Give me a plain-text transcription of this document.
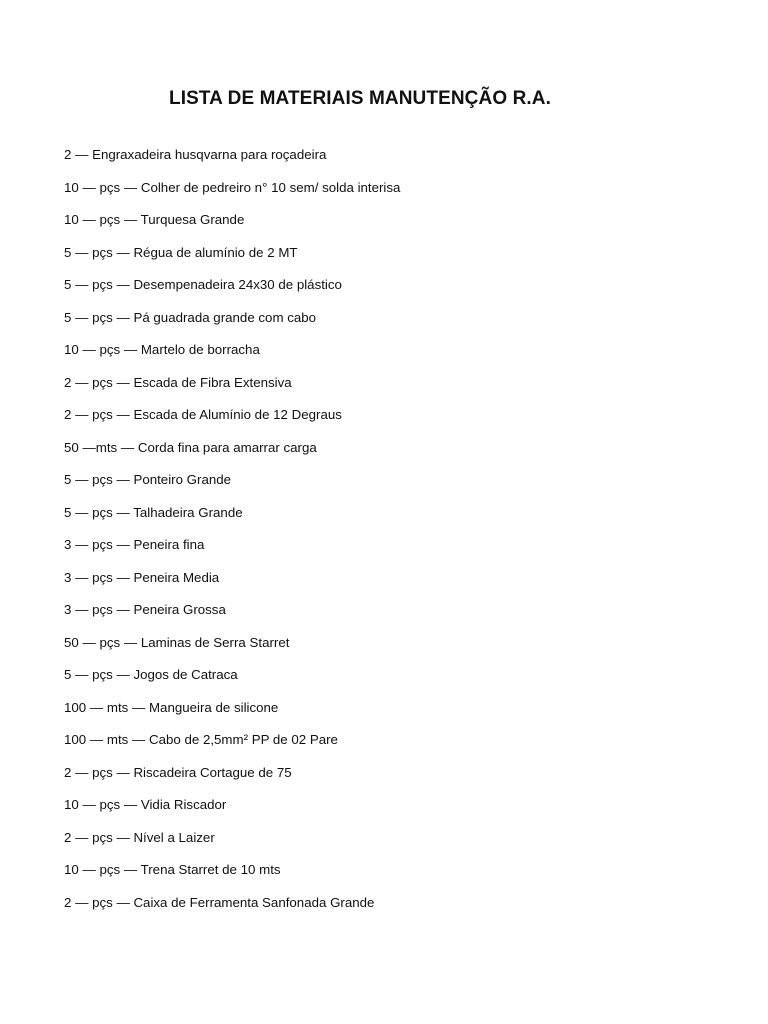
LISTA DE MATERIAIS MANUTENÇÃO R.A.
2 — Engraxadeira husqvarna para roçadeira
10 — pçs — Colher de pedreiro n° 10 sem/ solda interisa
10 — pçs — Turquesa Grande
5 — pçs — Régua de alumínio de 2 MT
5 — pçs — Desempenadeira 24x30 de plástico
5 — pçs — Pá guadrada grande com cabo
10 — pçs — Martelo de borracha
2 — pçs — Escada de Fibra Extensiva
2 — pçs — Escada de Alumínio de 12 Degraus
50 —mts — Corda fina para amarrar carga
5 — pçs — Ponteiro Grande
5 — pçs — Talhadeira Grande
3 — pçs — Peneira fina
3 — pçs — Peneira Media
3 — pçs — Peneira Grossa
50 — pçs — Laminas de Serra Starret
5 — pçs — Jogos de Catraca
100 — mts — Mangueira de silicone
100 — mts — Cabo de 2,5mm² PP de 02 Pare
2 — pçs — Riscadeira Cortague de 75
10 — pçs — Vidia Riscador
2 — pçs — Nível a Laizer
10 — pçs — Trena Starret de 10 mts
2 — pçs — Caixa de Ferramenta Sanfonada Grande
